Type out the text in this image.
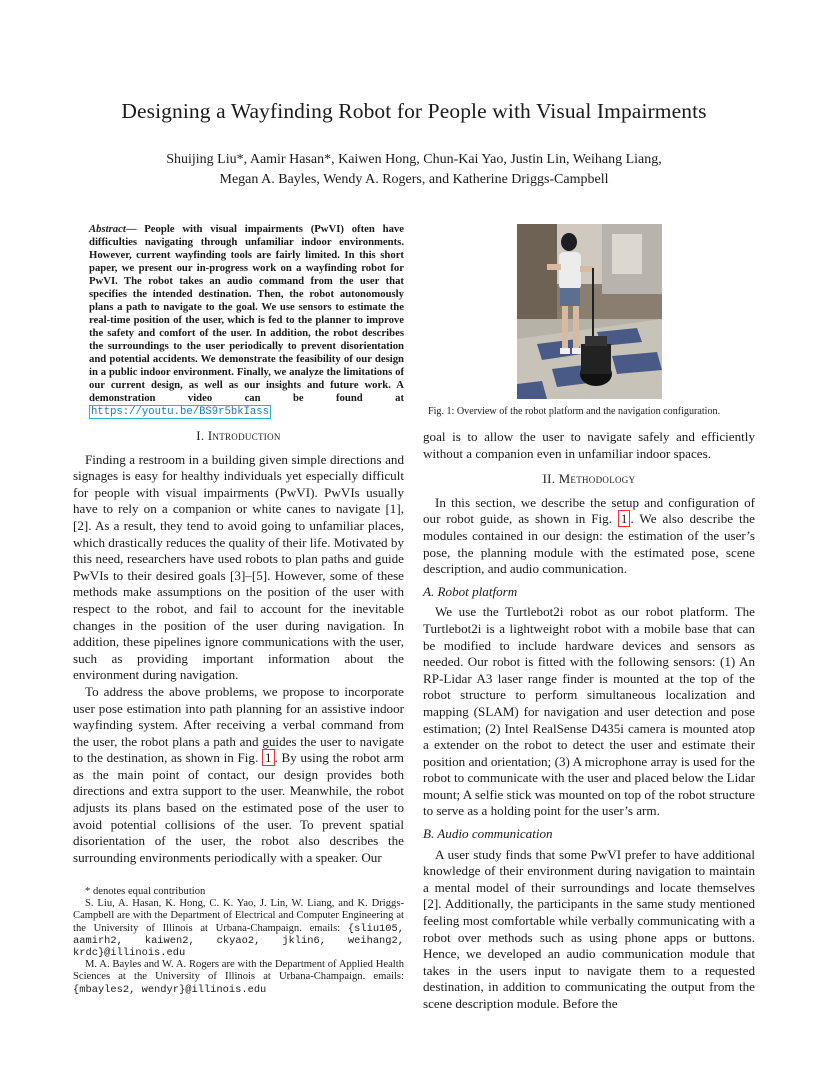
Designing a Wayfinding Robot for People with Visual Impairments
Shuijing Liu*, Aamir Hasan*, Kaiwen Hong, Chun-Kai Yao, Justin Lin, Weihang Liang,
Megan A. Bayles, Wendy A. Rogers, and Katherine Driggs-Campbell
Abstract— People with visual impairments (PwVI) often have difficulties navigating through unfamiliar indoor environments. However, current wayfinding tools are fairly limited. In this short paper, we present our in-progress work on a wayfinding robot for PwVI. The robot takes an audio command from the user that specifies the intended destination. Then, the robot autonomously plans a path to navigate to the goal. We use sensors to estimate the real-time position of the user, which is fed to the planner to improve the safety and comfort of the user. In addition, the robot describes the surroundings to the user periodically to prevent disorientation and potential accidents. We demonstrate the feasibility of our design in a public indoor environment. Finally, we analyze the limitations of our current design, as well as our insights and future work. A demonstration video can be found at https://youtu.be/BS9r5bkIass
I. Introduction

Finding a restroom in a building given simple directions and signages is easy for healthy individuals yet especially difficult for people with visual impairments (PwVI). PwVIs usually have to rely on a companion or white canes to navigate [1], [2]. As a result, they tend to avoid going to unfamiliar places, which drastically reduces the quality of their life. Motivated by this need, researchers have used robots to plan paths and guide PwVIs to their desired goals [3]–[5]. However, some of these methods make assumptions on the position of the user with respect to the robot, and fail to account for the inevitable changes in the position of the user during navigation. In addition, these pipelines ignore communications with the user, such as providing important information about the environment during navigation.

To address the above problems, we propose to incorporate user pose estimation into path planning for an assistive indoor wayfinding system. After receiving a verbal command from the user, the robot plans a path and guides the user to navigate to the destination, as shown in Fig. 1 . By using the robot arm as the main point of contact, our design provides both directions and extra support to the user. Meanwhile, the robot adjusts its plans based on the estimated pose of the user to avoid potential collisions of the user. To prevent spatial disorientation of the user, the robot also describes the surrounding environments periodically with a speaker. Our

* denotes equal contribution

S. Liu, A. Hasan, K. Hong, C. K. Yao, J. Lin, W. Liang, and K. Driggs-Campbell are with the Department of Electrical and Computer Engineering at the University of Illinois at Urbana-Champaign. emails: {sliu105, aamirh2, kaiwen2, ckyao2, jklin6, weihang2, krdc}@illinois.edu

M. A. Bayles and W. A. Rogers are with the Department of Applied Health Sciences at the University of Illinois at Urbana-Champaign. emails: {mbayles2, wendyr}@illinois.edu

Fig. 1: Overview of the robot platform and the navigation configuration.

goal is to allow the user to navigate safely and efficiently without a companion even in unfamiliar indoor spaces.

II. Methodology

In this section, we describe the setup and configuration of our robot guide, as shown in Fig. 1 . We also describe the modules contained in our design: the estimation of the user’s pose, the planning module with the estimated pose, scene description, and audio communication.

A. Robot platform

We use the Turtlebot2i robot as our robot platform. The Turtlebot2i is a lightweight robot with a mobile base that can be modified to include hardware devices and sensors as needed. Our robot is fitted with the following sensors: (1) An RP-Lidar A3 laser range finder is mounted at the top of the robot structure to perform simultaneous localization and mapping (SLAM) for navigation and user detection and pose estimation; (2) Intel RealSense D435i camera is mounted atop a extender on the robot to detect the user and estimate their position and orientation; (3) A microphone array is used for the robot to communicate with the user and placed below the Lidar mount; A selfie stick was mounted on top of the robot structure to serve as a holding point for the user’s arm.

B. Audio communication

A user study finds that some PwVI prefer to have additional knowledge of their environment during navigation to maintain a mental model of their surroundings and locate themselves [2]. Additionally, the participants in the same study mentioned feeling most comfortable while verbally communicating with a robot over methods such as using phone apps or buttons. Hence, we developed an audio communication module that takes in the users input to navigate them to a requested destination, in addition to communicating the output from the scene description module. Before the
